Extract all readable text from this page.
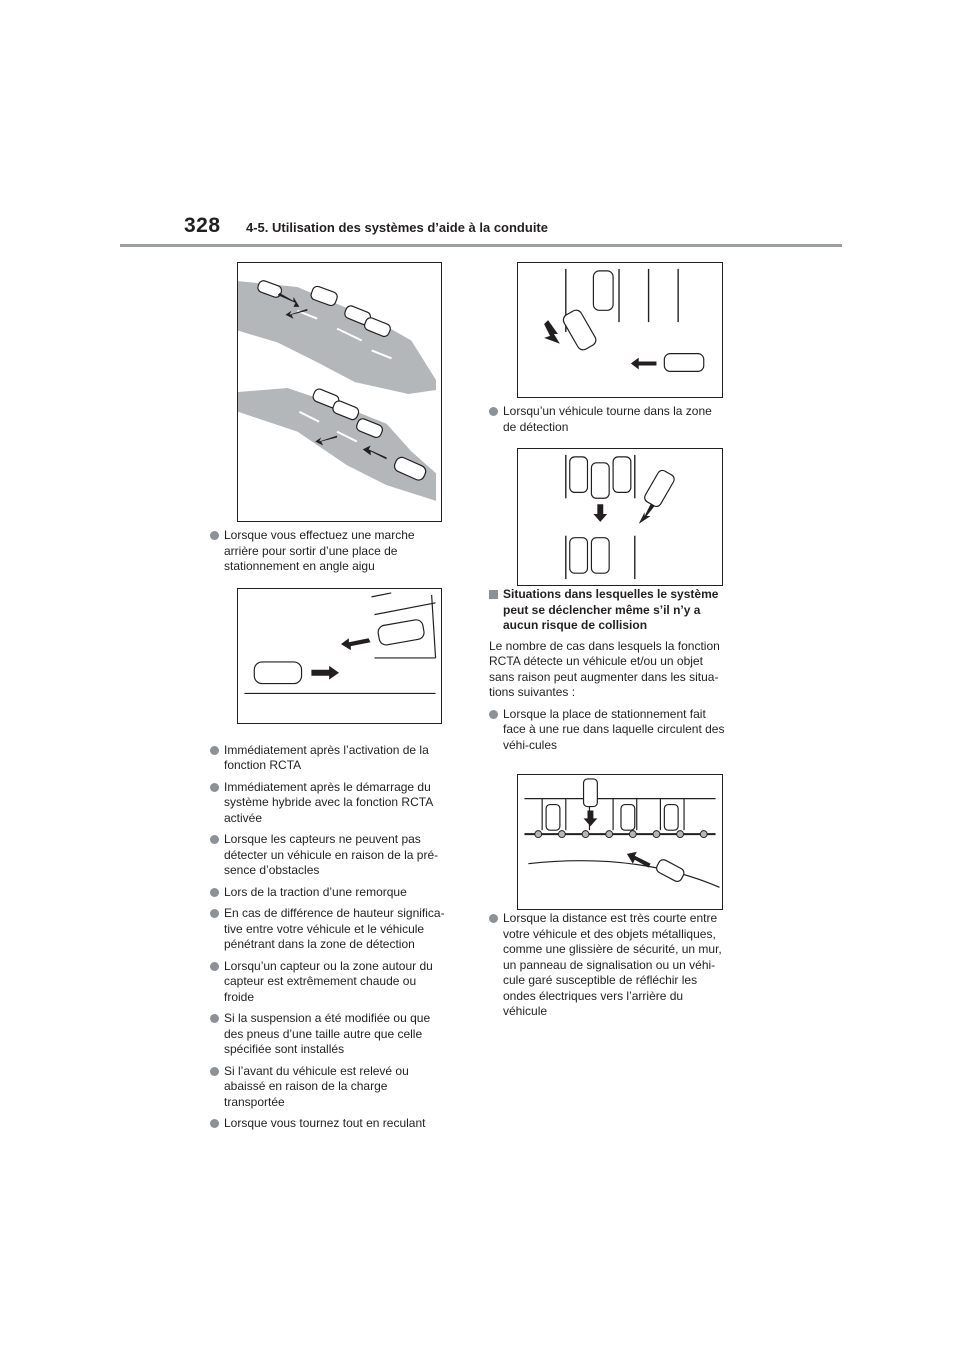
328 4-5. Utilisation des systèmes d’aide à la conduite

Lorsque vous effectuez une marche arrière pour sortir d’une place de stationnement en angle aigu

Immédiatement après l’activation de la fonction RCTA

Immédiatement après le démarrage du système hybride avec la fonction RCTA activée

Lorsque les capteurs ne peuvent pas détecter un véhicule en raison de la pré-sence d’obstacles

Lors de la traction d’une remorque

En cas de différence de hauteur significa-tive entre votre véhicule et le véhicule pénétrant dans la zone de détection

Lorsqu’un capteur ou la zone autour du capteur est extrêmement chaude ou froide

Si la suspension a été modifiée ou que des pneus d’une taille autre que celle spécifiée sont installés

Si l’avant du véhicule est relevé ou abaissé en raison de la charge transportée

Lorsque vous tournez tout en reculant

Lorsqu’un véhicule tourne dans la zone de détection

Situations dans lesquelles le système peut se déclencher même s’il n’y a aucun risque de collision

Le nombre de cas dans lesquels la fonction RCTA détecte un véhicule et/ou un objet sans raison peut augmenter dans les situa-tions suivantes :

Lorsque la place de stationnement fait face à une rue dans laquelle circulent des véhi-cules

Lorsque la distance est très courte entre votre véhicule et des objets métalliques, comme une glissière de sécurité, un mur, un panneau de signalisation ou un véhi-cule garé susceptible de réfléchir les ondes électriques vers l’arrière du véhicule
